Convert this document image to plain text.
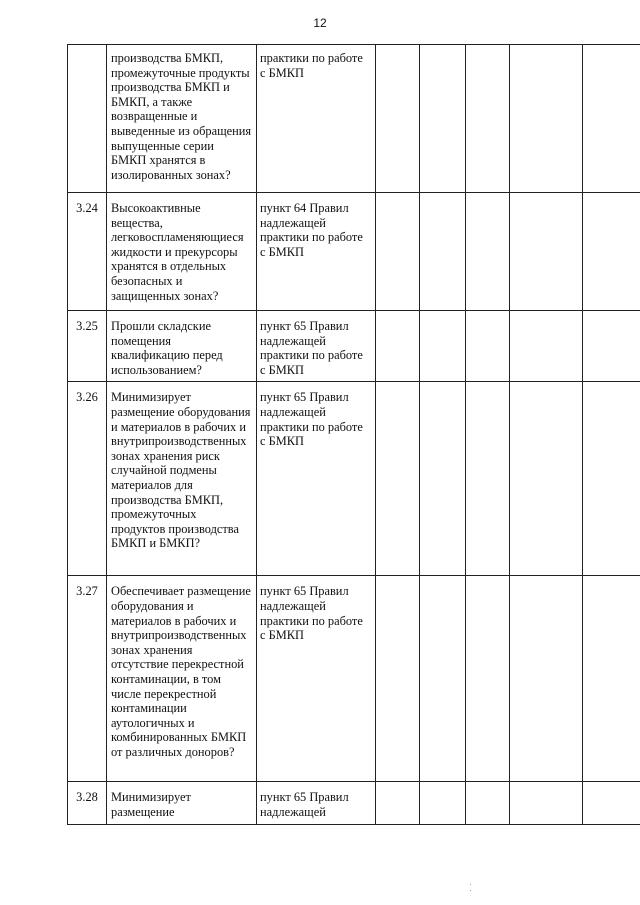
12
	производства БМКП, промежуточные продукты производства БМКП и БМКП, а также возвращенные и выведенные из обращения выпущенные серии БМКП хранятся в изолированных зонах?	практики по работе с БМКП					
3.24	Высокоактивные вещества, легковоспламеняющиеся жидкости и прекурсоры хранятся в отдельных безопасных и защищенных зонах?	пункт 64 Правил надлежащей практики по работе с БМКП					
3.25	Прошли складские помещения квалификацию перед использованием?	пункт 65 Правил надлежащей практики по работе с БМКП					
3.26	Минимизирует размещение оборудования и материалов в рабочих и внутрипроизводственных зонах хранения риск случайной подмены материалов для производства БМКП, промежуточных продуктов производства БМКП и БМКП?	пункт 65 Правил надлежащей практики по работе с БМКП					
3.27	Обеспечивает размещение оборудования и материалов в рабочих и внутрипроизводственных зонах хранения отсутствие перекрестной контаминации, в том числе перекрестной контаминации аутологичных и комбинированных БМКП от различных доноров?	пункт 65 Правил надлежащей практики по работе с БМКП					
3.28	Минимизирует размещение	пункт 65 Правил надлежащей					
